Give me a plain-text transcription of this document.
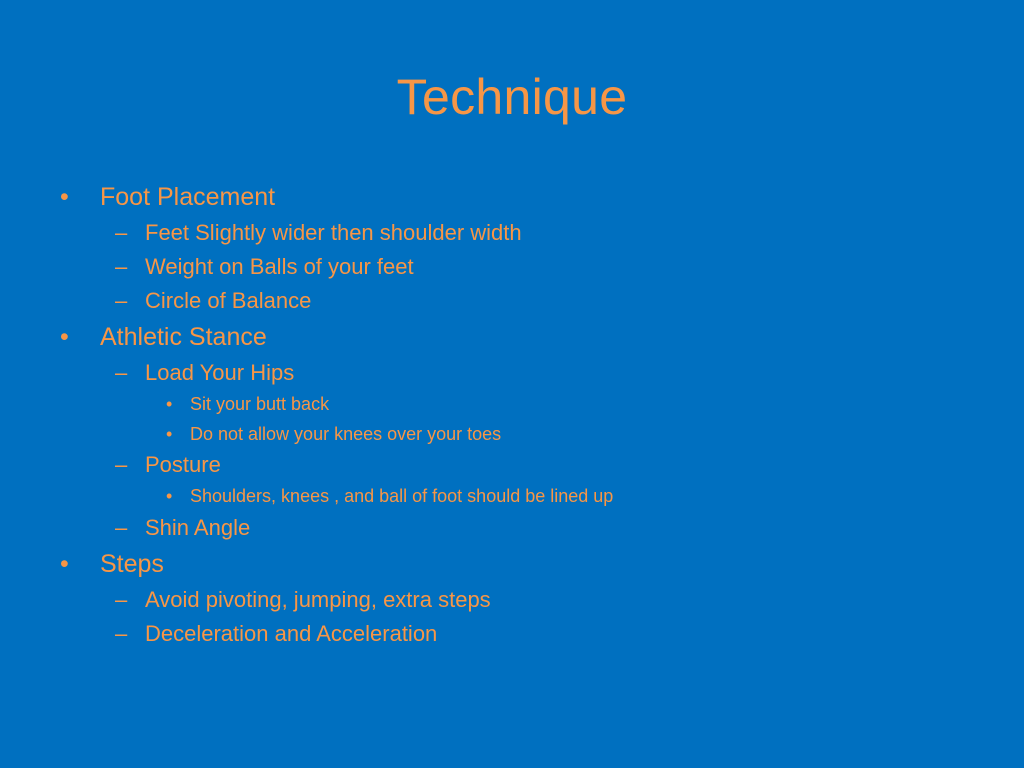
Technique
• Foot Placement
– Feet Slightly wider then shoulder width
– Weight on Balls of your feet
– Circle of Balance
• Athletic Stance
– Load Your Hips
• Sit your butt back
• Do not allow your knees over your toes
– Posture
• Shoulders, knees , and ball of foot should be lined up
– Shin Angle
• Steps
– Avoid pivoting, jumping, extra steps
– Deceleration and Acceleration
